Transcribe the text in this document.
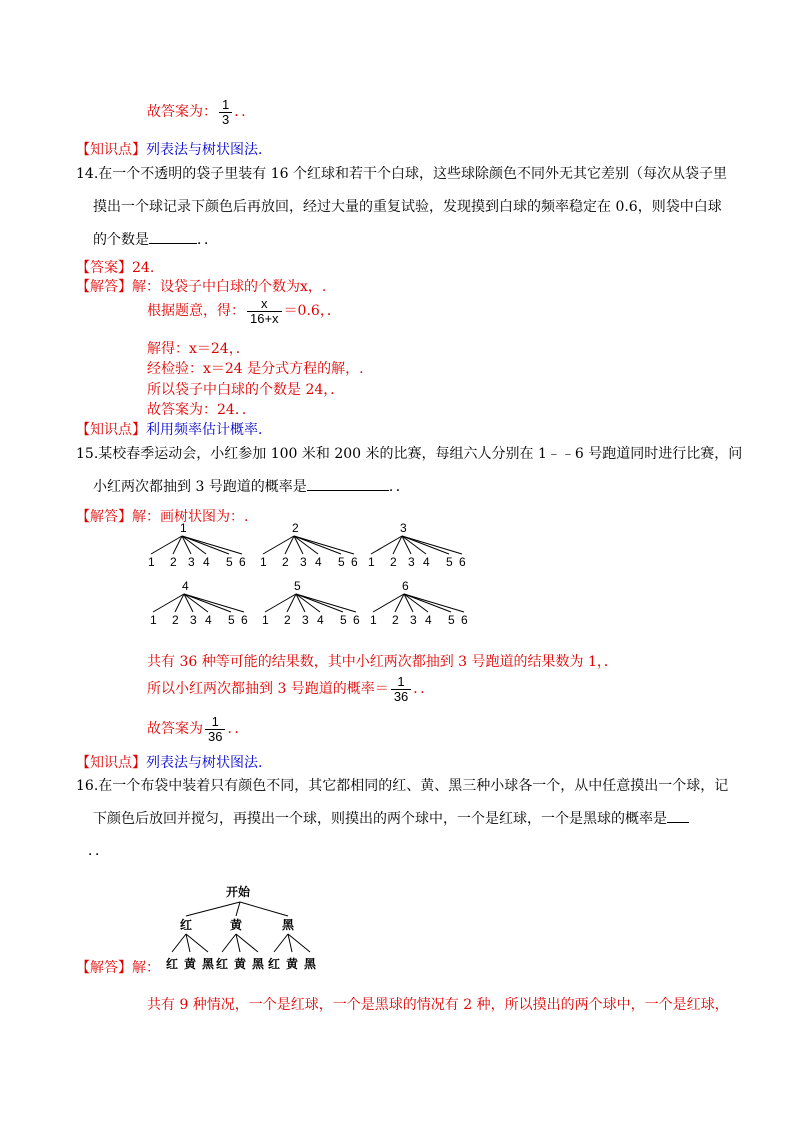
故答案为： $\frac{1}{3}$ ．．
【知识点】列表法与树状图法.
14.在一个不透明的袋子里装有 16 个红球和若干个白球，这些球除颜色不同外无其它差别（每次从袋子里
摸出一个球记录下颜色后再放回，经过大量的重复试验，发现摸到白球的频率稳定在 0.6，则袋中白球
的个数是	．．
【答案】24.
【解答】解：设袋子中白球的个数为x，.
根据题意，得： $\frac{x}{16+x} =0.6$，．
解得：x＝24，．
经检验：x＝24 是分式方程的解，.
所以袋子中白球的个数是 24，．
故答案为：24．．
【知识点】利用频率估计概率.
15.某校春季运动会，小红参加 100 米和 200 米的比赛，每组六人分别在 1﹣﹣6 号跑道同时进行比赛，问
小红两次都抽到 3 号跑道的概率是	．．
【解答】解：画树状图为：.
1
1 2 3 4 5 6
2
1 2 3 4 5 6
3
1 2 3 4 5 6
4
1 2 3 4 5 6
5
1 2 3 4 5 6
6
1 2 3 4 5 6
共有 36 种等可能的结果数，其中小红两次都抽到 3 号跑道的结果数为 1，．
所以小红两次都抽到 3 号跑道的概率＝ $\frac{1}{36}$ ．．
故答案为 $\frac{1}{36}$ ．．
【知识点】列表法与树状图法.
16.在一个布袋中装着只有颜色不同，其它都相同的红、黄、黑三种小球各一个，从中任意摸出一个球，记
下颜色后放回并搅匀，再摸出一个球，则摸出的两个球中，一个是红球，一个是黑球的概率是
．．
【解答】解：
开始
红
红 黄 黑
黄
红 黄 黑
黑
红 黄 黑
共有 9 种情况，一个是红球，一个是黑球的情况有 2 种，所以摸出的两个球中，一个是红球，
